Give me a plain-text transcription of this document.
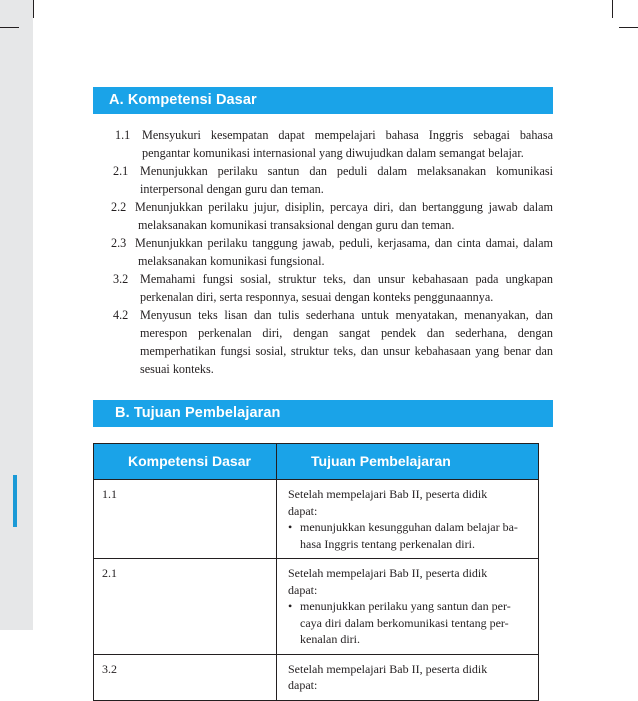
A. Kompetensi Dasar
1.1 Mensyukuri kesempatan dapat mempelajari bahasa Inggris sebagai bahasa pengantar komunikasi internasional yang diwujudkan dalam semangat belajar.
2.1 Menunjukkan perilaku santun dan peduli dalam melaksanakan komunikasi interpersonal dengan guru dan teman.
2.2 Menunjukkan perilaku jujur, disiplin, percaya diri, dan bertanggung jawab dalam melaksanakan komunikasi transaksional dengan guru dan teman.
2.3 Menunjukkan perilaku tanggung jawab, peduli, kerjasama, dan cinta damai, dalam melaksanakan komunikasi fungsional.
3.2 Memahami fungsi sosial, struktur teks, dan unsur kebahasaan pada ungkapan perkenalan diri, serta responnya, sesuai dengan konteks penggunaannya.
4.2 Menyusun teks lisan dan tulis sederhana untuk menyatakan, menanyakan, dan merespon perkenalan diri, dengan sangat pendek dan sederhana, dengan memperhatikan fungsi sosial, struktur teks, dan unsur kebahasaan yang benar dan sesuai konteks.
B. Tujuan Pembelajaran
Kompetensi Dasar	Tujuan Pembelajaran
1.1	Setelah mempelajari Bab II, peserta didik dapat:
• menunjukkan kesungguhan dalam belajar ba-hasa Inggris tentang perkenalan diri.

2.1	Setelah mempelajari Bab II, peserta didik dapat:
• menunjukkan perilaku yang santun dan per-caya diri dalam berkomunikasi tentang per-kenalan diri.

3.2	Setelah mempelajari Bab II, peserta didik dapat:
